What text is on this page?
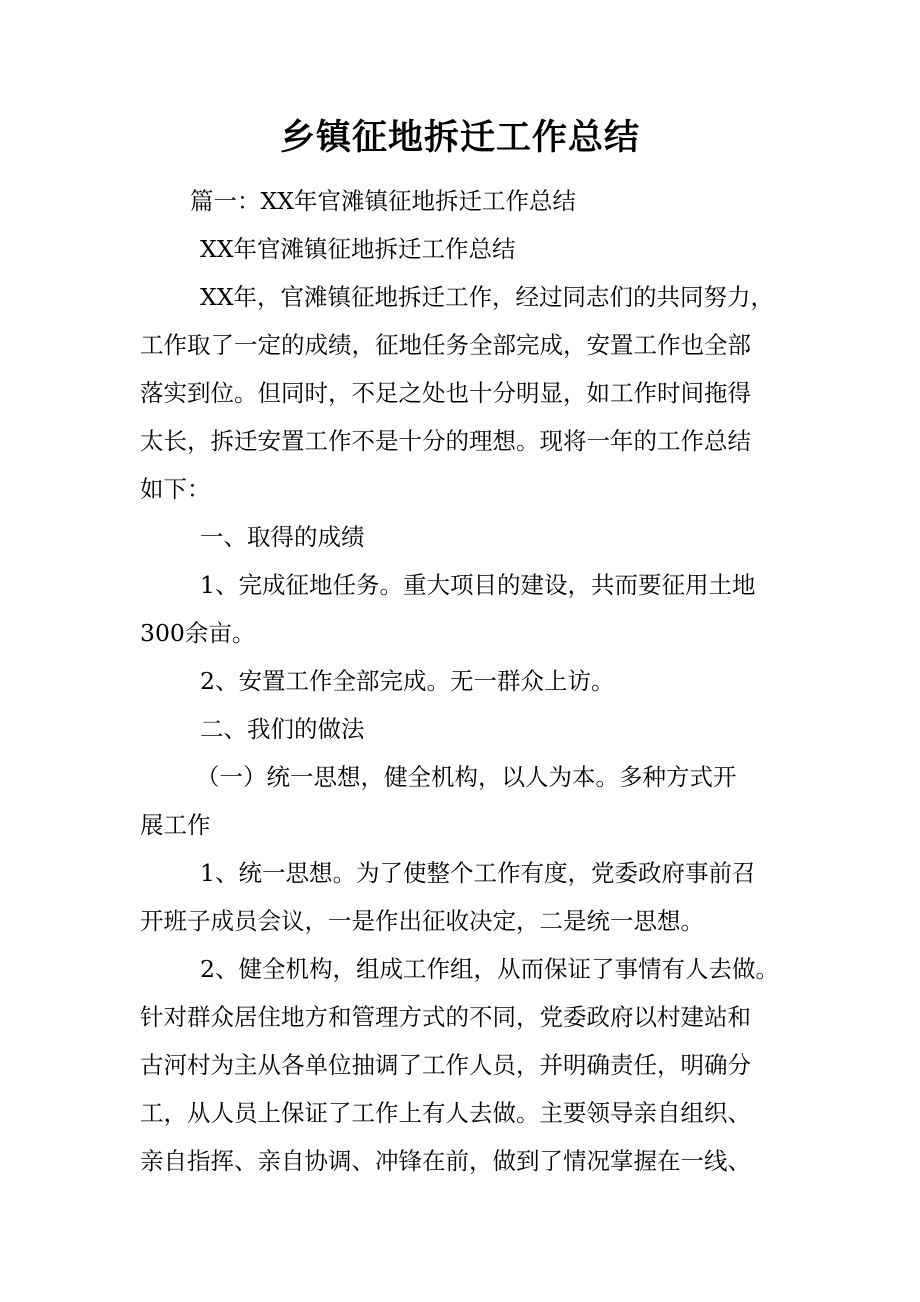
乡镇征地拆迁工作总结

篇一：XX年官滩镇征地拆迁工作总结

XX年官滩镇征地拆迁工作总结

XX年，官滩镇征地拆迁工作，经过同志们的共同努力，

工作取了一定的成绩，征地任务全部完成，安置工作也全部

落实到位。但同时，不足之处也十分明显，如工作时间拖得

太长，拆迁安置工作不是十分的理想。现将一年的工作总结

如下：

一、取得的成绩

1、完成征地任务。重大项目的建设，共而要征用土地

300余亩。

2、安置工作全部完成。无一群众上访。

二、我们的做法

（一）统一思想，健全机构，以人为本。多种方式开

展工作

1、统一思想。为了使整个工作有度，党委政府事前召

开班子成员会议，一是作出征收决定，二是统一思想。

2、健全机构，组成工作组，从而保证了事情有人去做。

针对群众居住地方和管理方式的不同，党委政府以村建站和

古河村为主从各单位抽调了工作人员，并明确责任，明确分

工，从人员上保证了工作上有人去做。主要领导亲自组织、

亲自指挥、亲自协调、冲锋在前，做到了情况掌握在一线、
